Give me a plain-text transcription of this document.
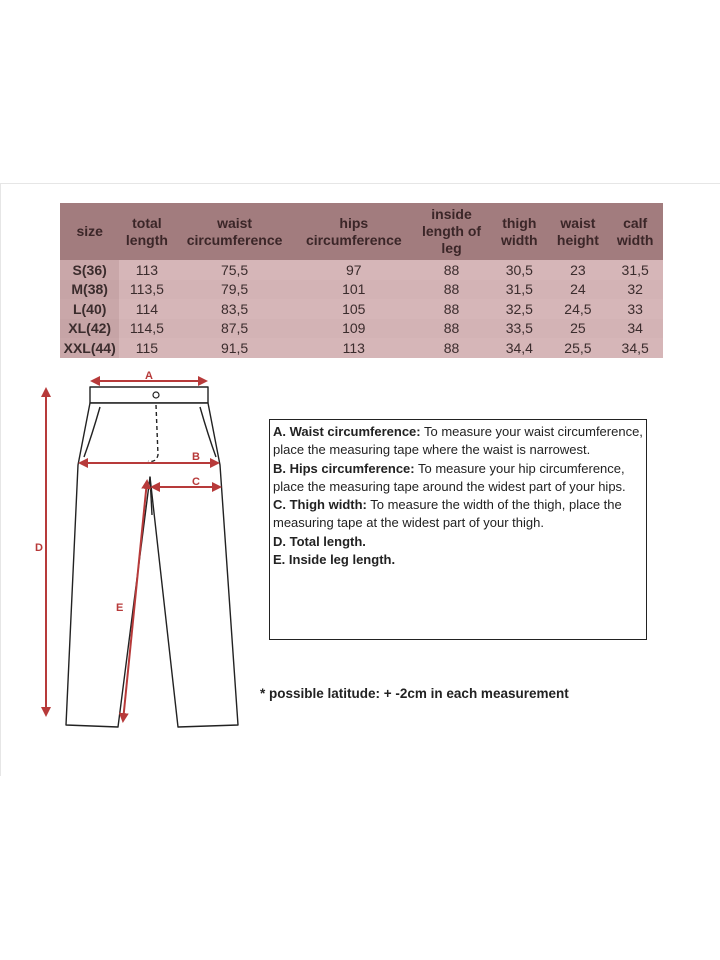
size	total length	waist circumference	hips circumference	inside length of leg	thigh width	waist height	calf width
S(36)	113	75,5	97	88	30,5	23	31,5
M(38)	113,5	79,5	101	88	31,5	24	32
L(40)	114	83,5	105	88	32,5	24,5	33
XL(42)	114,5	87,5	109	88	33,5	25	34
XXL(44)	115	91,5	113	88	34,4	25,5	34,5
A
B
C
D
E

A. Waist circumference: To measure your waist circumference, place the measuring tape where the waist is narrowest.

B. Hips circumference: To measure your hip circumference, place the measuring tape around the widest part of your hips.

C. Thigh width: To measure the width of the thigh, place the measuring tape at the widest part of your thigh.

D. Total length.

E. Inside leg length.

* possible latitude: + -2cm in each measurement
